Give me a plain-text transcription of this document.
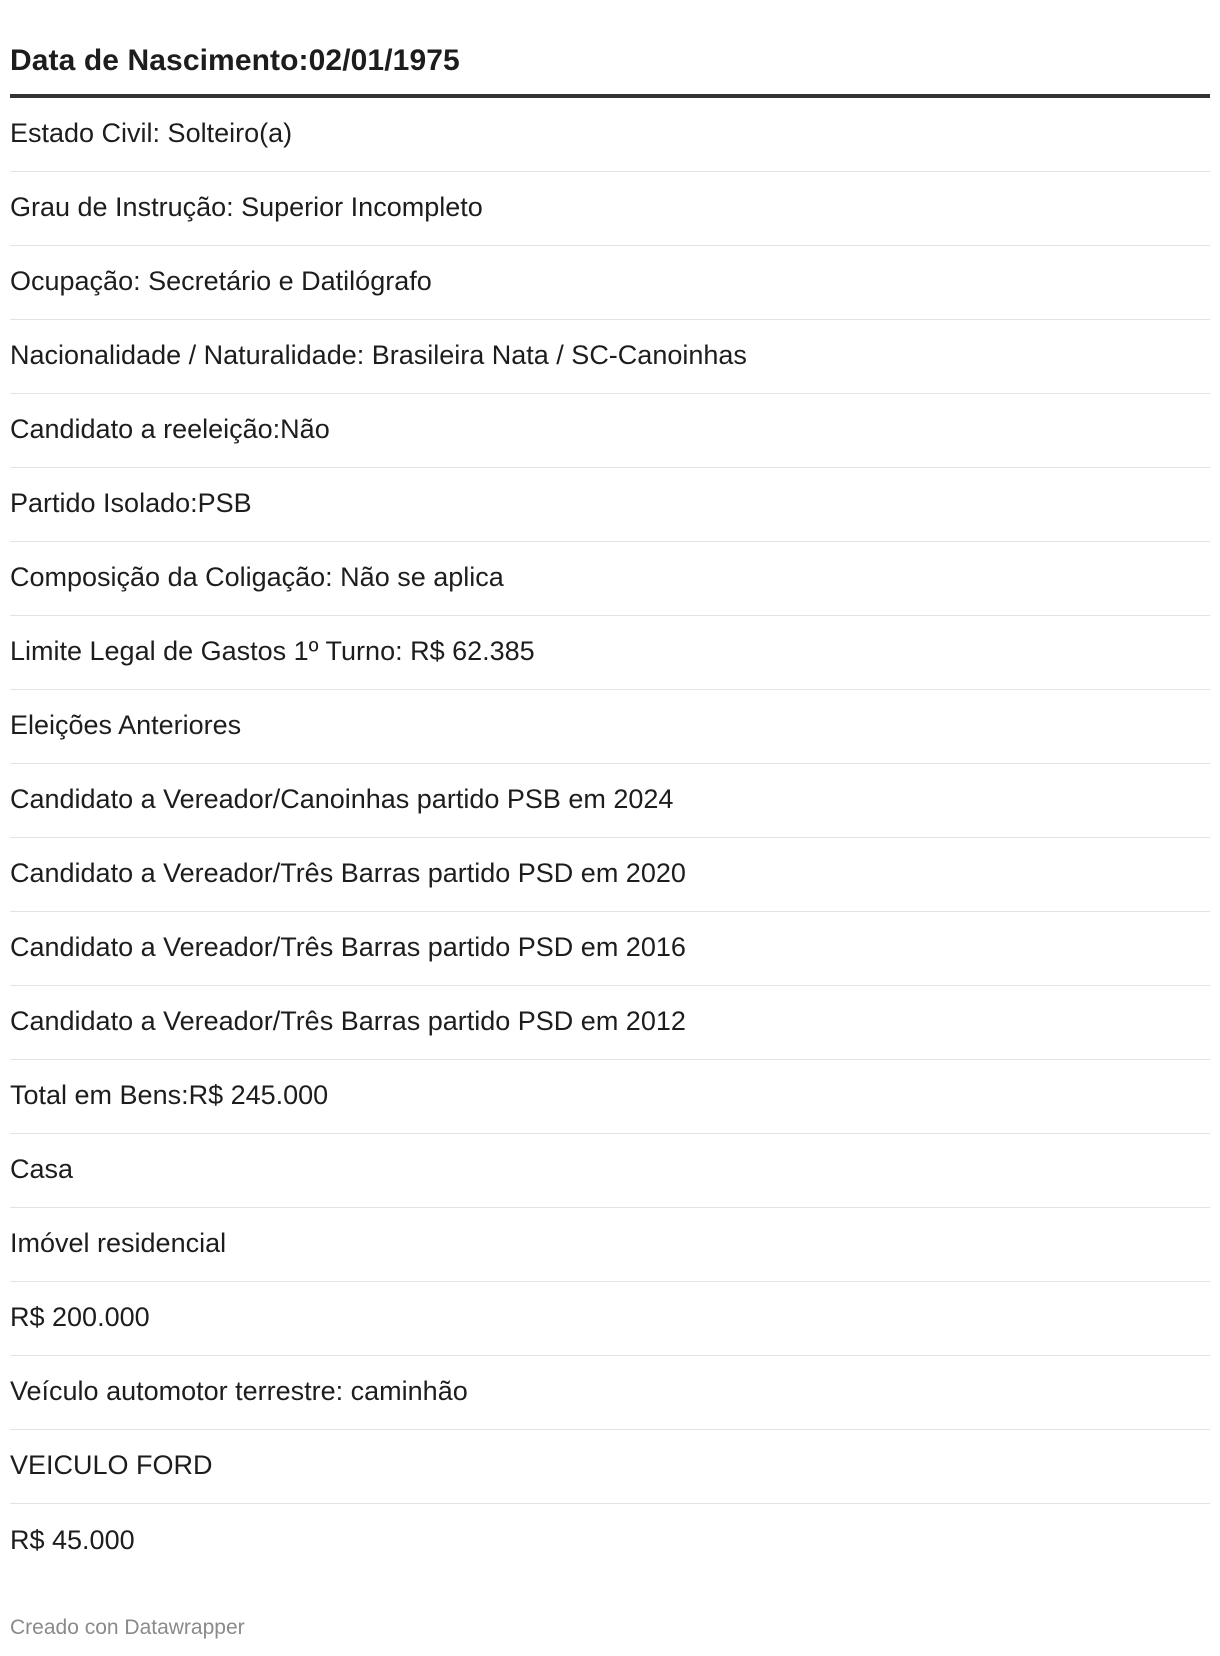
Data de Nascimento:02/01/1975
Estado Civil: Solteiro(a)
Grau de Instrução: Superior Incompleto
Ocupação: Secretário e Datilógrafo
Nacionalidade / Naturalidade: Brasileira Nata / SC-Canoinhas
Candidato a reeleição:Não
Partido Isolado:PSB
Composição da Coligação: Não se aplica
Limite Legal de Gastos 1º Turno: R$ 62.385
Eleições Anteriores
Candidato a Vereador/Canoinhas partido PSB em 2024
Candidato a Vereador/Três Barras partido PSD em 2020
Candidato a Vereador/Três Barras partido PSD em 2016
Candidato a Vereador/Três Barras partido PSD em 2012
Total em Bens:R$ 245.000
Casa
Imóvel residencial
R$ 200.000
Veículo automotor terrestre: caminhão
VEICULO FORD
R$ 45.000
Creado con Datawrapper
